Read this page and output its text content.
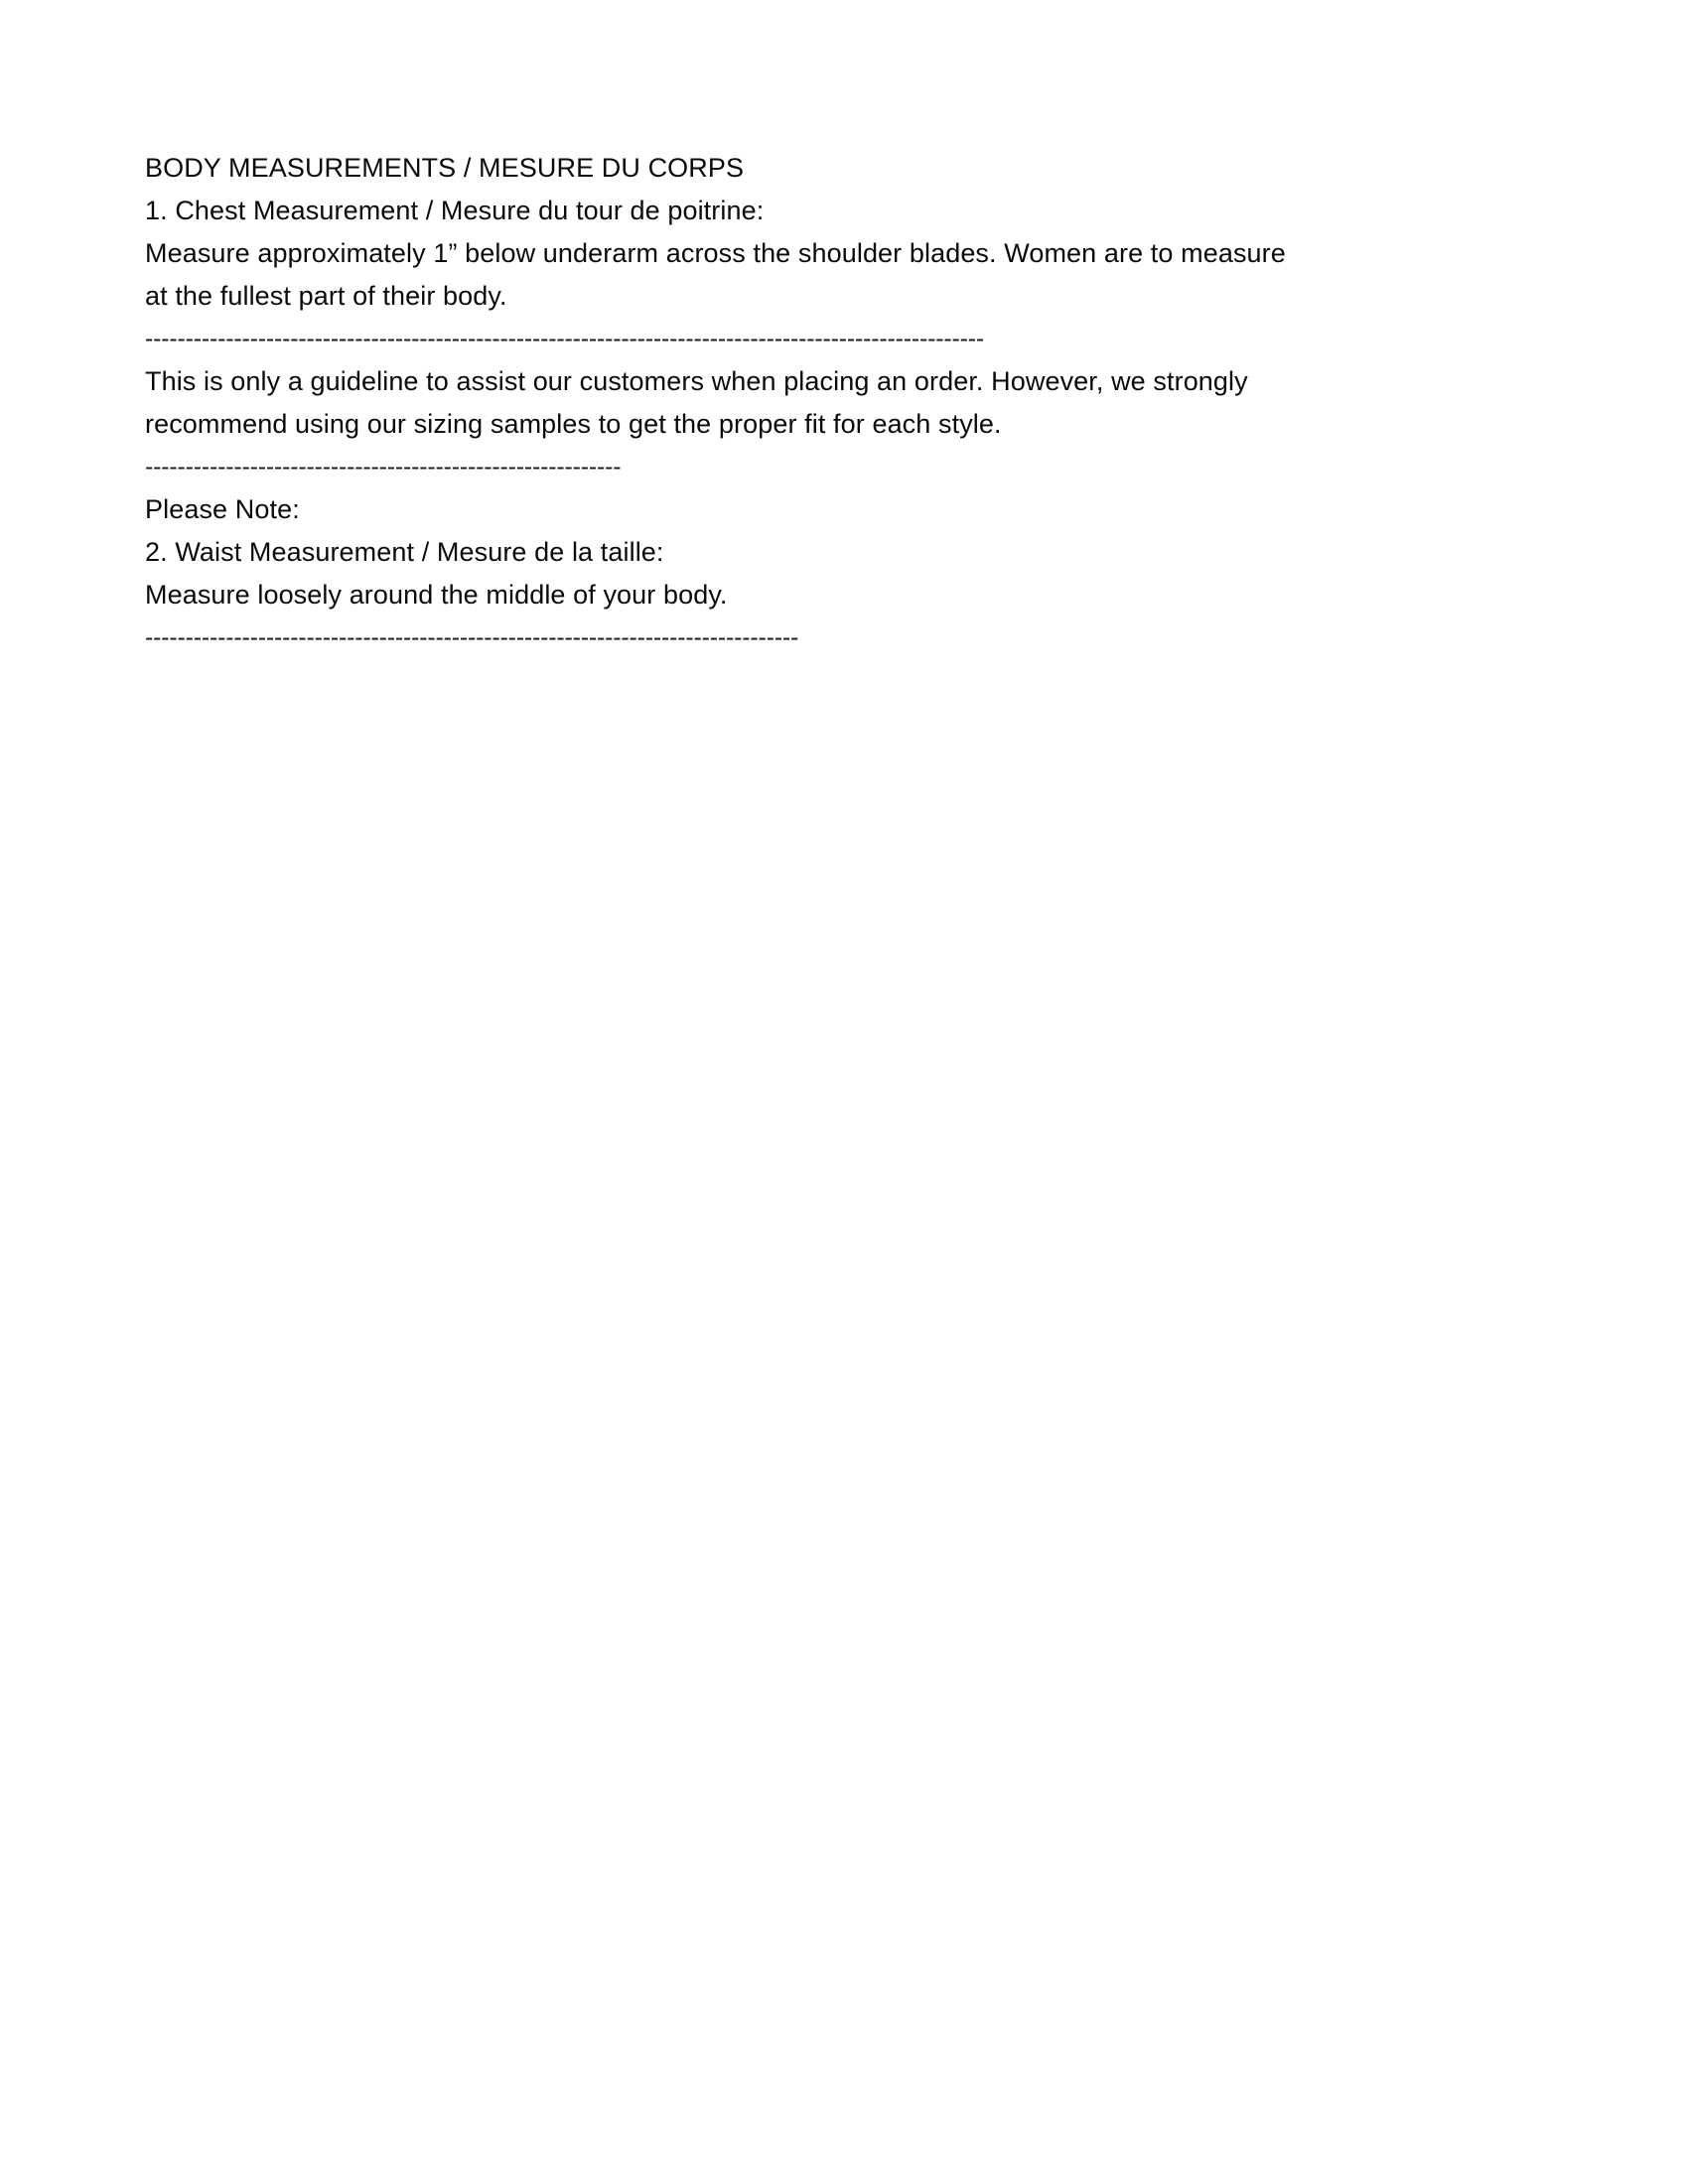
BODY MEASUREMENTS / MESURE DU CORPS
1. Chest Measurement / Mesure du tour de poitrine:
Measure approximately 1” below underarm across the shoulder blades. Women are to measure at the fullest part of their body.
--------------------------------------------------------------------------------------------------------
This is only a guideline to assist our customers when placing an order. However, we strongly recommend using our sizing samples to get the proper fit for each style.
-----------------------------------------------------------
Please Note:
2. Waist Measurement / Mesure de la taille:
Measure loosely around the middle of your body.
---------------------------------------------------------------------------------
